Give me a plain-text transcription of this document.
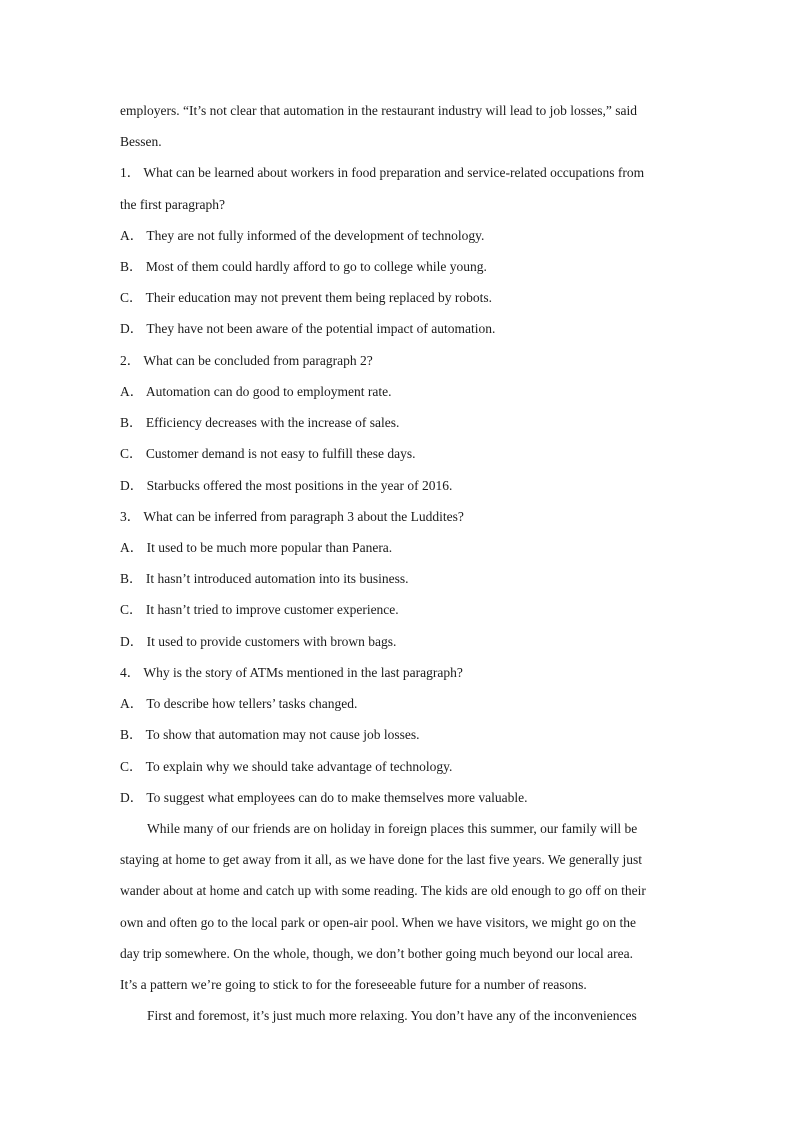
employers. “It’s not clear that automation in the restaurant industry will lead to job losses,” said
Bessen.
1． What can be learned about workers in food preparation and service-related occupations from
the first paragraph?
A． They are not fully informed of the development of technology.
B． Most of them could hardly afford to go to college while young.
C． Their education may not prevent them being replaced by robots.
D． They have not been aware of the potential impact of automation.
2． What can be concluded from paragraph 2?
A． Automation can do good to employment rate.
B． Efficiency decreases with the increase of sales.
C． Customer demand is not easy to fulfill these days.
D． Starbucks offered the most positions in the year of 2016.
3． What can be inferred from paragraph 3 about the Luddites?
A． It used to be much more popular than Panera.
B． It hasn’t introduced automation into its business.
C． It hasn’t tried to improve customer experience.
D． It used to provide customers with brown bags.
4． Why is the story of ATMs mentioned in the last paragraph?
A． To describe how tellers’ tasks changed.
B． To show that automation may not cause job losses.
C． To explain why we should take advantage of technology.
D． To suggest what employees can do to make themselves more valuable.
While many of our friends are on holiday in foreign places this summer, our family will be
staying at home to get away from it all, as we have done for the last five years. We generally just
wander about at home and catch up with some reading. The kids are old enough to go off on their
own and often go to the local park or open-air pool. When we have visitors, we might go on the
day trip somewhere. On the whole, though, we don’t bother going much beyond our local area.
It’s a pattern we’re going to stick to for the foreseeable future for a number of reasons.
First and foremost, it’s just much more relaxing. You don’t have any of the inconveniences
